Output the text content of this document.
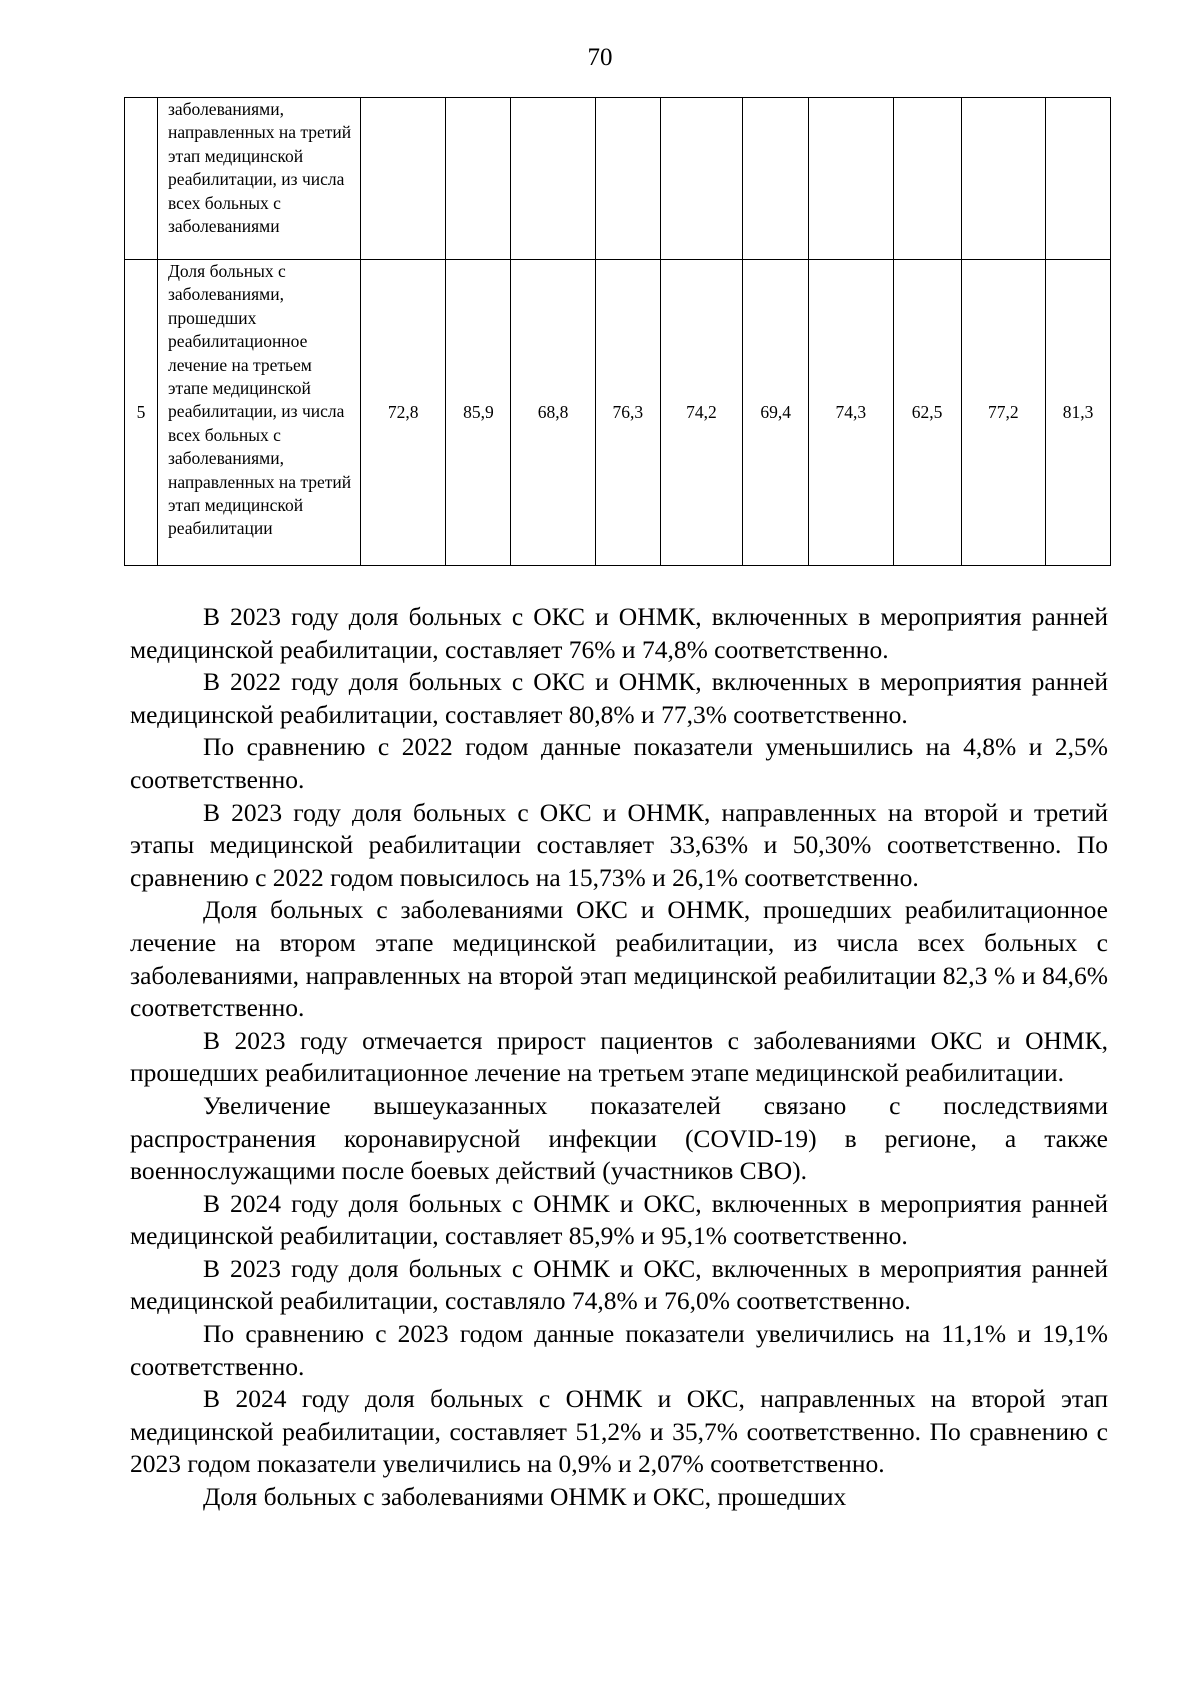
70
	заболеваниями, направленных на третий этап медицинской реабилитации, из числа всех больных с заболеваниями										
5	Доля больных с заболеваниями, прошедших реабилитационное лечение на третьем этапе медицинской реабилитации, из числа всех больных с заболеваниями, направленных на третий этап медицинской реабилитации	72,8	85,9	68,8	76,3	74,2	69,4	74,3	62,5	77,2	81,3

В 2023 году доля больных с ОКС и ОНМК, включенных в мероприятия ранней медицинской реабилитации, составляет 76% и 74,8% соответственно.

В 2022 году доля больных с ОКС и ОНМК, включенных в мероприятия ранней медицинской реабилитации, составляет 80,8% и 77,3% соответственно.

По сравнению с 2022 годом данные показатели уменьшились на 4,8% и 2,5% соответственно.

В 2023 году доля больных с ОКС и ОНМК, направленных на второй и третий этапы медицинской реабилитации составляет 33,63% и 50,30% соответственно. По сравнению с 2022 годом повысилось на 15,73% и 26,1% соответственно.

Доля больных с заболеваниями ОКС и ОНМК, прошедших реабилитационное лечение на втором этапе медицинской реабилитации, из числа всех больных с заболеваниями, направленных на второй этап медицинской реабилитации 82,3 % и 84,6% соответственно.

В 2023 году отмечается прирост пациентов с заболеваниями ОКС и ОНМК, прошедших реабилитационное лечение на третьем этапе медицинской реабилитации.

Увеличение вышеуказанных показателей связано с последствиями распространения коронавирусной инфекции (COVID-19) в регионе, а также военнослужащими после боевых действий (участников СВО).

В 2024 году доля больных с ОНМК и ОКС, включенных в мероприятия ранней медицинской реабилитации, составляет 85,9% и 95,1% соответственно.

В 2023 году доля больных с ОНМК и ОКС, включенных в мероприятия ранней медицинской реабилитации, составляло 74,8% и 76,0% соответственно.

По сравнению с 2023 годом данные показатели увеличились на 11,1% и 19,1% соответственно.

В 2024 году доля больных с ОНМК и ОКС, направленных на второй этап медицинской реабилитации, составляет 51,2% и 35,7% соответственно. По сравнению с 2023 годом показатели увеличились на 0,9% и 2,07% соответственно.

Доля больных с заболеваниями ОНМК и ОКС, прошедших
